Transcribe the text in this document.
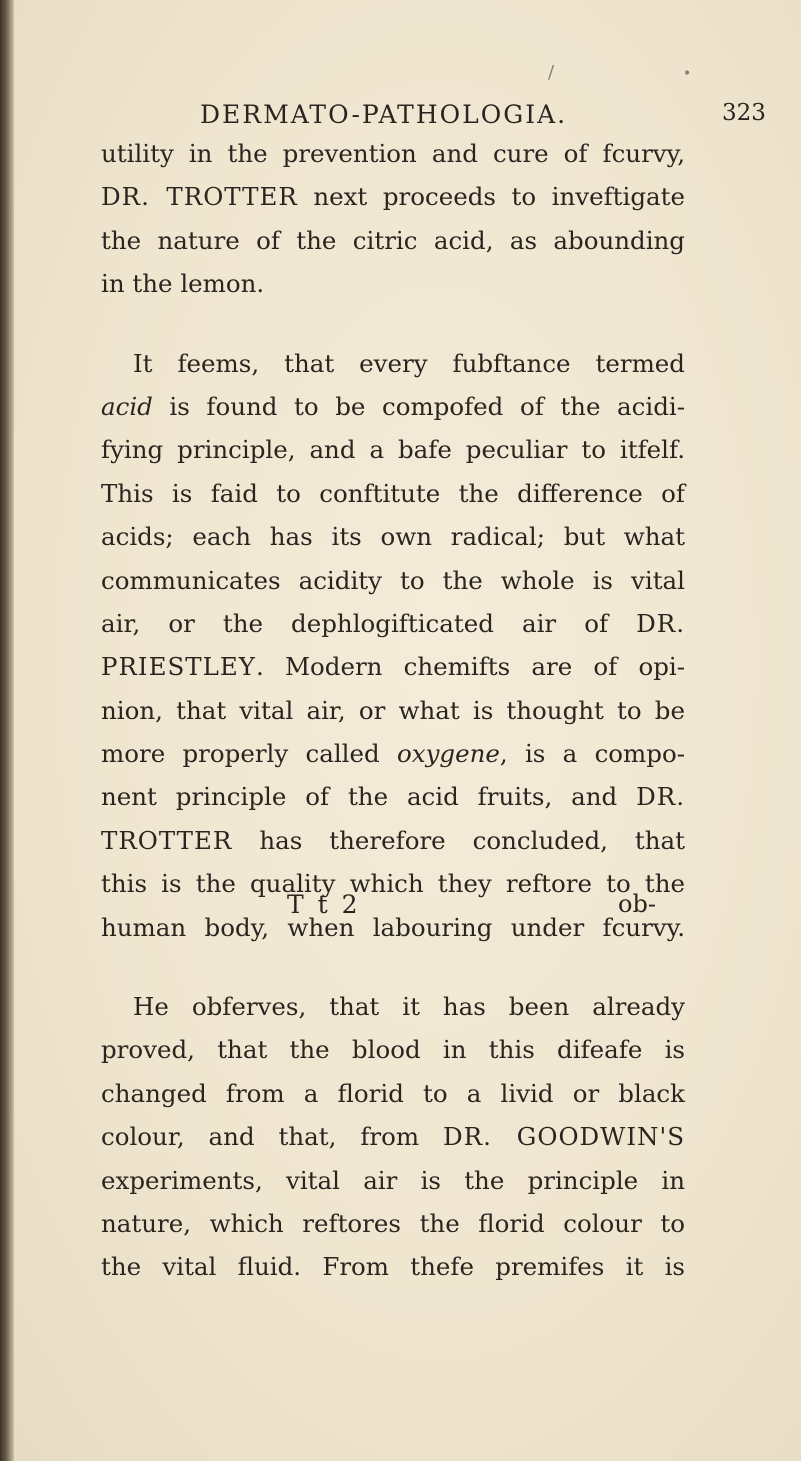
/	•
DERMATO-PATHOLOGIA.	323
utility in the prevention and cure of fcurvy,
DR. TROTTER next proceeds to inveftigate
the nature of the citric acid, as abounding
in the lemon.
It feems, that every fubftance termed
acid is found to be compofed of the acidi-
fying principle, and a bafe peculiar to itfelf.
This is faid to conftitute the difference of
acids; each has its own radical; but what
communicates acidity to the whole is vital
air, or the dephlogifticated air of DR.
PRIESTLEY. Modern chemifts are of opi-
nion, that vital air, or what is thought to be
more properly called oxygene, is a compo-
nent principle of the acid fruits, and DR.
TROTTER has therefore concluded, that
this is the quality which they reftore to the
human body, when labouring under fcurvy.
He obferves, that it has been already
proved, that the blood in this difeafe is
changed from a florid to a livid or black
colour, and that, from DR. GOODWIN'S
experiments, vital air is the principle in
nature, which reftores the florid colour to
the vital fluid. From thefe premifes it is
T t 2	ob-
